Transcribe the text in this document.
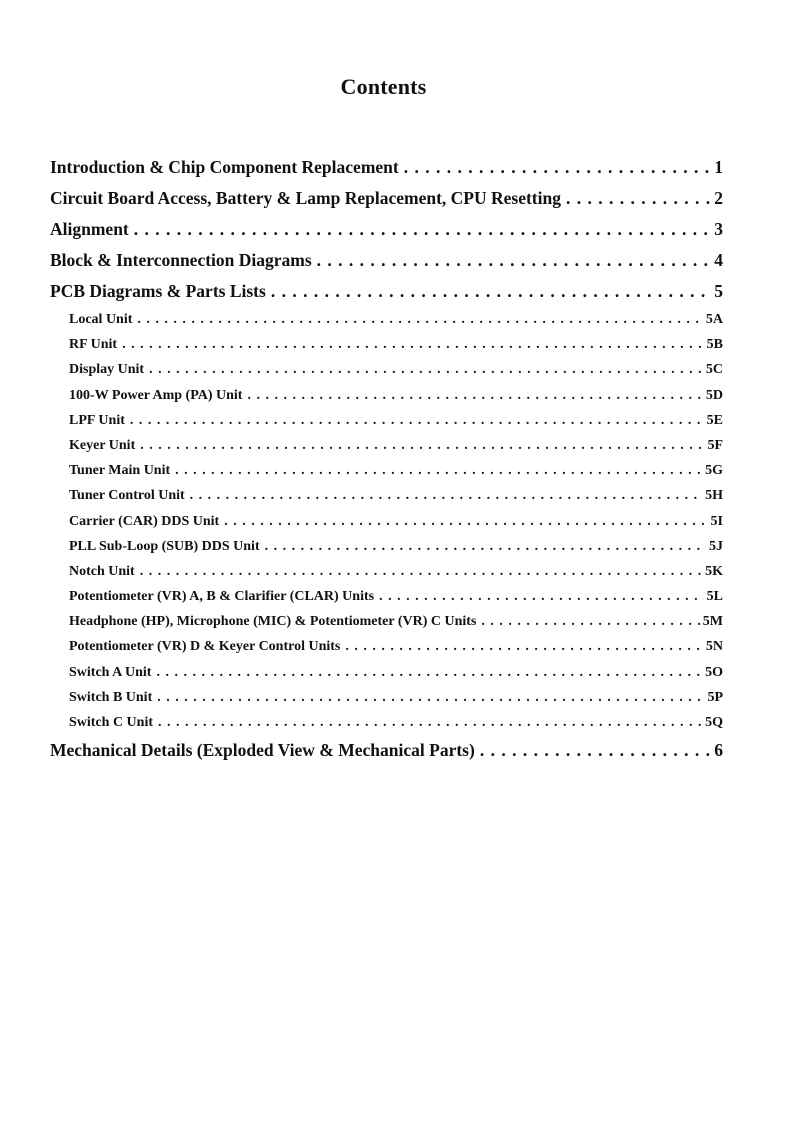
Contents
Introduction & Chip Component Replacement . . .	1
Circuit Board Access, Battery & Lamp Replacement, CPU Resetting . . .	2
Alignment . . .	3
Block & Interconnection Diagrams . . .	4
PCB Diagrams & Parts Lists . . .	5
Local Unit . . .	5A
RF Unit . . .	5B
Display Unit . . .	5C
100-W Power Amp (PA) Unit . . .	5D
LPF Unit . . .	5E
Keyer Unit . . .	5F
Tuner Main Unit . . .	5G
Tuner Control Unit . . .	5H
Carrier (CAR) DDS Unit . . .	5I
PLL Sub-Loop (SUB) DDS Unit . . .	5J
Notch Unit . . .	5K
Potentiometer (VR) A, B & Clarifier (CLAR) Units . . .	5L
Headphone (HP), Microphone (MIC) & Potentiometer (VR) C Units . . .	5M
Potentiometer (VR) D & Keyer Control Units . . .	5N
Switch A Unit . . .	5O
Switch B Unit . . .	5P
Switch C Unit . . .	5Q
Mechanical Details (Exploded View & Mechanical Parts) . . .	6
